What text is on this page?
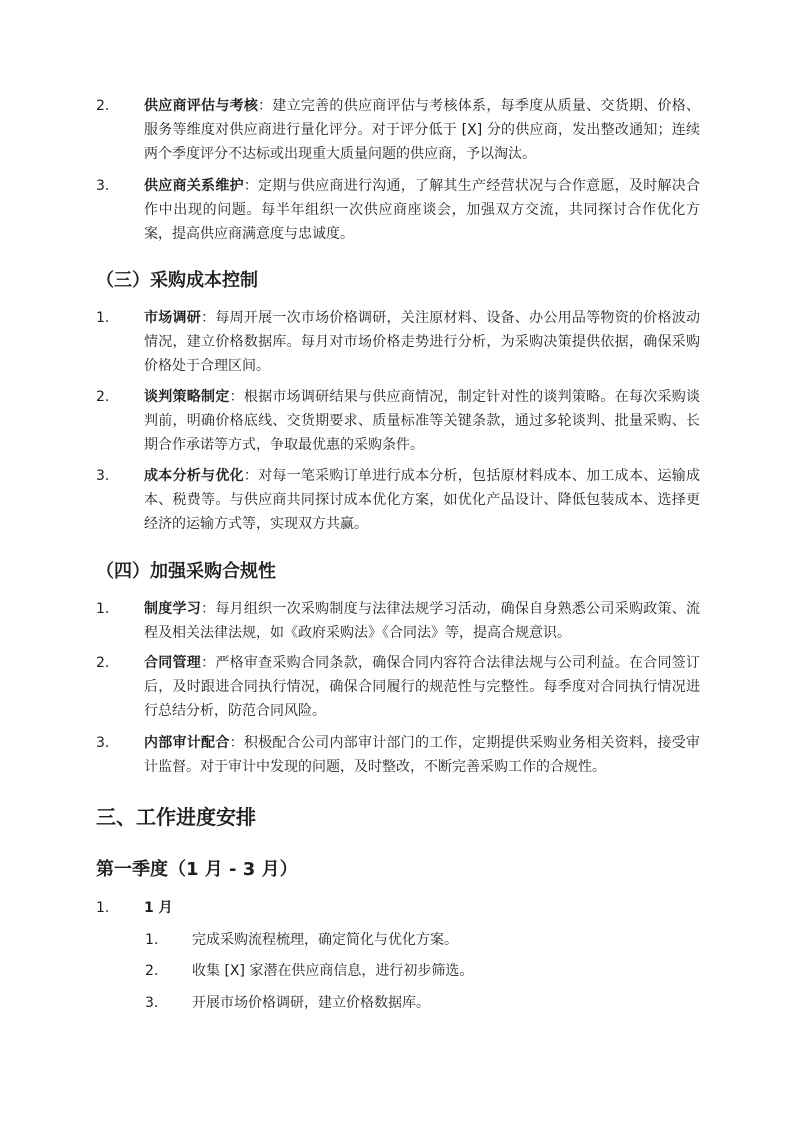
2. 供应商评估与考核：建立完善的供应商评估与考核体系，每季度从质量、交货期、价格、服务等维度对供应商进行量化评分。对于评分低于 [X] 分的供应商，发出整改通知；连续两个季度评分不达标或出现重大质量问题的供应商，予以淘汰。
3. 供应商关系维护：定期与供应商进行沟通，了解其生产经营状况与合作意愿，及时解决合作中出现的问题。每半年组织一次供应商座谈会，加强双方交流，共同探讨合作优化方案，提高供应商满意度与忠诚度。
（三）采购成本控制
1. 市场调研：每周开展一次市场价格调研，关注原材料、设备、办公用品等物资的价格波动情况，建立价格数据库。每月对市场价格走势进行分析，为采购决策提供依据，确保采购价格处于合理区间。
2. 谈判策略制定：根据市场调研结果与供应商情况，制定针对性的谈判策略。在每次采购谈判前，明确价格底线、交货期要求、质量标准等关键条款，通过多轮谈判、批量采购、长期合作承诺等方式，争取最优惠的采购条件。
3. 成本分析与优化：对每一笔采购订单进行成本分析，包括原材料成本、加工成本、运输成本、税费等。与供应商共同探讨成本优化方案，如优化产品设计、降低包装成本、选择更经济的运输方式等，实现双方共赢。
（四）加强采购合规性
1. 制度学习：每月组织一次采购制度与法律法规学习活动，确保自身熟悉公司采购政策、流程及相关法律法规，如《政府采购法》《合同法》等，提高合规意识。
2. 合同管理：严格审查采购合同条款，确保合同内容符合法律法规与公司利益。在合同签订后，及时跟进合同执行情况，确保合同履行的规范性与完整性。每季度对合同执行情况进行总结分析，防范合同风险。
3. 内部审计配合：积极配合公司内部审计部门的工作，定期提供采购业务相关资料，接受审计监督。对于审计中发现的问题，及时整改，不断完善采购工作的合规性。
三、工作进度安排
第一季度（1 月 - 3 月）
1. 1 月
1. 完成采购流程梳理，确定简化与优化方案。
2. 收集 [X] 家潜在供应商信息，进行初步筛选。
3. 开展市场价格调研，建立价格数据库。
